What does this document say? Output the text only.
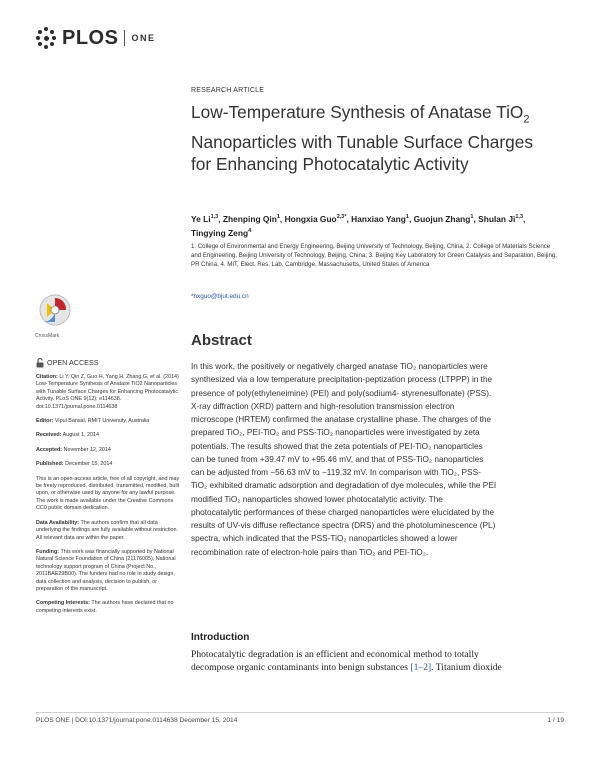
PLOS ONE
RESEARCH ARTICLE
Low-Temperature Synthesis of Anatase TiO$_2$ Nanoparticles with Tunable Surface Charges for Enhancing Photocatalytic Activity
Ye Li$^{1,3}$, Zhenping Qin$^1$, Hongxia Guo$^{2,3*}$, Hanxiao Yang$^1$, Guojun Zhang$^1$, Shulan Ji$^{1,3}$, Tingying Zeng$^4$
1. College of Environmental and Energy Engineering, Beijing University of Technology, Beijing, China, 2. College of Materials Science and Engineering, Beijing University of Technology, Beijing, China, 3. Beijing Key Laboratory for Green Catalysis and Separation, Beijing, PR China, 4. MIT, Elect. Res. Lab, Cambridge, Massachusetts, United States of America
*hxguo@bjut.edu.cn
CrossMark
OPEN ACCESS
Citation: Li Y, Qin Z, Guo H, Yang H, Zhang G, et al. (2014) Low-Temperature Synthesis of Anatase TiO2 Nanoparticles with Tunable Surface Charges for Enhancing Photocatalytic Activity. PLoS ONE 9(12): e114638. doi:10.1371/journal.pone.0114638
Editor: Vipul Bansal, RMIT University, Australia
Received: August 1, 2014
Accepted: November 12, 2014
Published: December 15, 2014
This is an open-access article, free of all copyright, and may be freely reproduced, distributed, transmitted, modified, built upon, or otherwise used by anyone for any lawful purpose. The work is made available under the Creative Commons CC0 public domain dedication.
Data Availability: The authors confirm that all data underlying the findings are fully available without restriction. All relevant data are within the paper.
Funding: This work was financially supported by National Natural Science Foundation of China (21176005), National technology support program of China (Project No., 2011BAE29B00). The funders had no role in study design, data collection and analysis, decision to publish, or preparation of the manuscript.
Competing Interests: The authors have declared that no competing interests exist.
Abstract
In this work, the positively or negatively charged anatase TiO₂ nanoparticles were
synthesized via a low temperature precipitation-peptization process (LTPPP) in the
presence of poly(ethyleneimine) (PEI) and poly(sodium4- styrenesulfonate) (PSS).
X-ray diffraction (XRD) pattern and high-resolution transmission electron
microscope (HRTEM) confirmed the anatase crystalline phase. The charges of the
prepared TiO₂, PEI-TiO₂ and PSS-TiO₂ nanoparticles were investigated by zeta
potentials. The results showed that the zeta potentials of PEI-TiO₂ nanoparticles
can be tuned from +39.47 mV to +95.46 mV, and that of PSS-TiO₂ nanoparticles
can be adjusted from −56.63 mV to −119.32 mV. In comparison with TiO₂, PSS-
TiO₂ exhibited dramatic adsorption and degradation of dye molecules, while the PEI
modified TiO₂ nanoparticles showed lower photocatalytic activity. The
photocatalytic performances of these charged nanoparticles were elucidated by the
results of UV-vis diffuse reflectance spectra (DRS) and the photoluminescence (PL)
spectra, which indicated that the PSS-TiO₂ nanoparticles showed a lower
recombination rate of electron-hole pairs than TiO₂ and PEI-TiO₂.
Introduction
Photocatalytic degradation is an efficient and economical method to totally
decompose organic contaminants into benign substances [1–2]. Titanium dioxide
PLOS ONE | DOI:10.1371/journal.pone.0114638 December 15, 2014	1 / 19
